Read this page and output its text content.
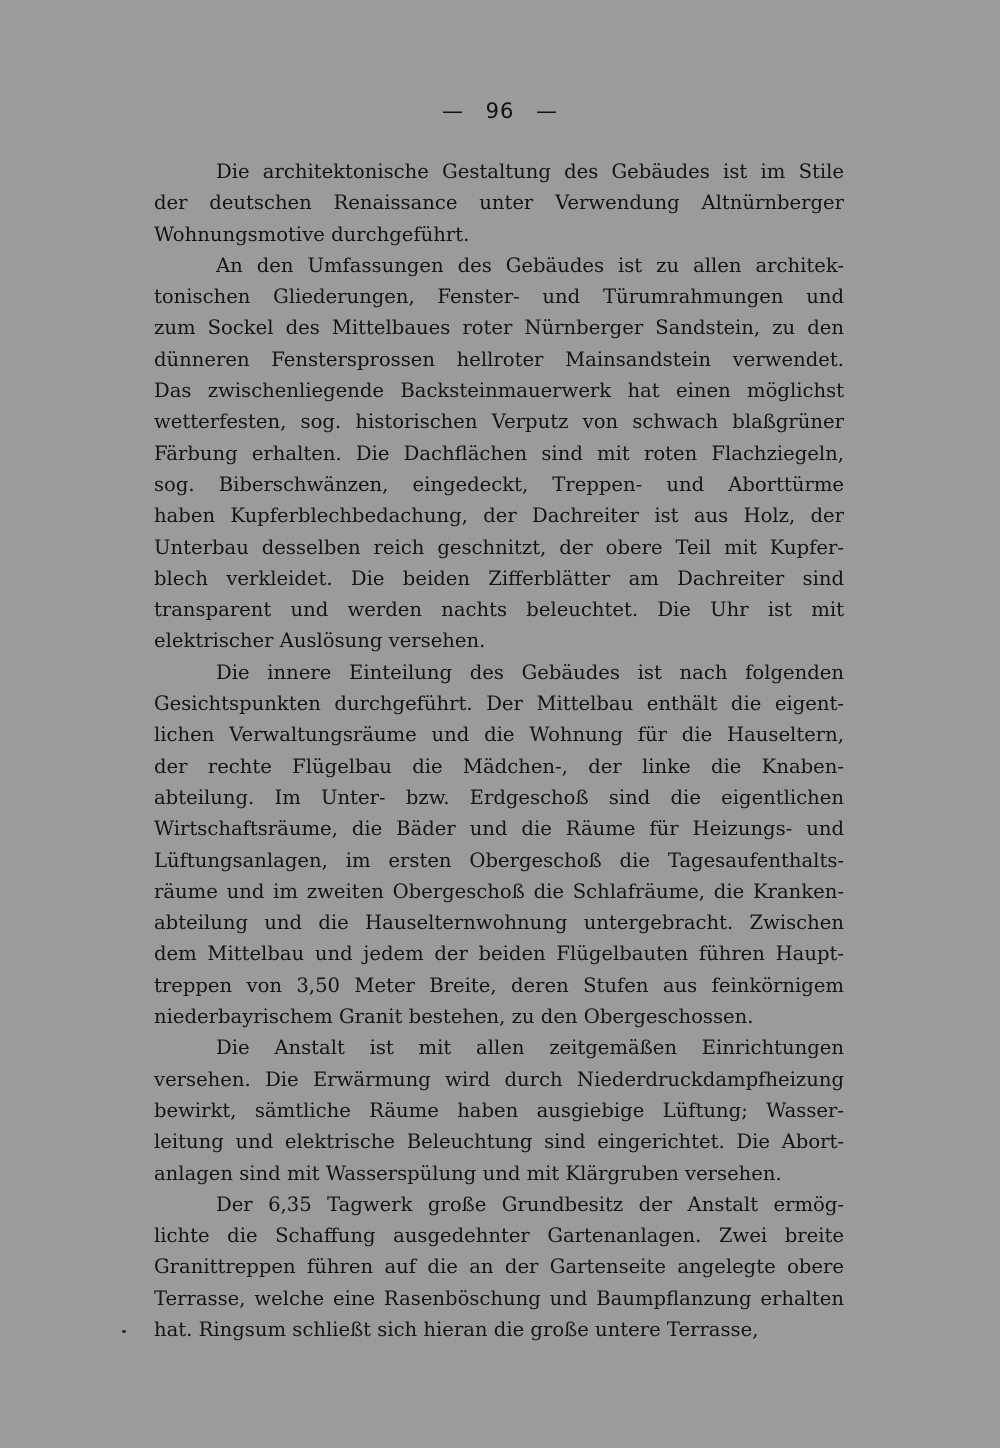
— 96 —
Die architektonische Gestaltung des Gebäudes ist im Stile
der deutschen Renaissance unter Verwendung Altnürnberger
Wohnungsmotive durchgeführt.
An den Umfassungen des Gebäudes ist zu allen architek-
tonischen Gliederungen, Fenster- und Türumrahmungen und
zum Sockel des Mittelbaues roter Nürnberger Sandstein, zu den
dünneren Fenstersprossen hellroter Mainsandstein verwendet.
Das zwischenliegende Backsteinmauerwerk hat einen möglichst
wetterfesten, sog. historischen Verputz von schwach blaßgrüner
Färbung erhalten. Die Dachflächen sind mit roten Flachziegeln,
sog. Biberschwänzen, eingedeckt, Treppen- und Aborttürme
haben Kupferblechbedachung, der Dachreiter ist aus Holz, der
Unterbau desselben reich geschnitzt, der obere Teil mit Kupfer-
blech verkleidet. Die beiden Zifferblätter am Dachreiter sind
transparent und werden nachts beleuchtet. Die Uhr ist mit
elektrischer Auslösung versehen.
Die innere Einteilung des Gebäudes ist nach folgenden
Gesichtspunkten durchgeführt. Der Mittelbau enthält die eigent-
lichen Verwaltungsräume und die Wohnung für die Hauseltern,
der rechte Flügelbau die Mädchen-, der linke die Knaben-
abteilung. Im Unter- bzw. Erdgeschoß sind die eigentlichen
Wirtschaftsräume, die Bäder und die Räume für Heizungs- und
Lüftungsanlagen, im ersten Obergeschoß die Tagesaufenthalts-
räume und im zweiten Obergeschoß die Schlafräume, die Kranken-
abteilung und die Hauselternwohnung untergebracht. Zwischen
dem Mittelbau und jedem der beiden Flügelbauten führen Haupt-
treppen von 3,50 Meter Breite, deren Stufen aus feinkörnigem
niederbayrischem Granit bestehen, zu den Obergeschossen.
Die Anstalt ist mit allen zeitgemäßen Einrichtungen
versehen. Die Erwärmung wird durch Niederdruckdampfheizung
bewirkt, sämtliche Räume haben ausgiebige Lüftung; Wasser-
leitung und elektrische Beleuchtung sind eingerichtet. Die Abort-
anlagen sind mit Wasserspülung und mit Klärgruben versehen.
Der 6,35 Tagwerk große Grundbesitz der Anstalt ermög-
lichte die Schaffung ausgedehnter Gartenanlagen. Zwei breite
Granittreppen führen auf die an der Gartenseite angelegte obere
Terrasse, welche eine Rasenböschung und Baumpflanzung erhalten
hat. Ringsum schließt sich hieran die große untere Terrasse,
